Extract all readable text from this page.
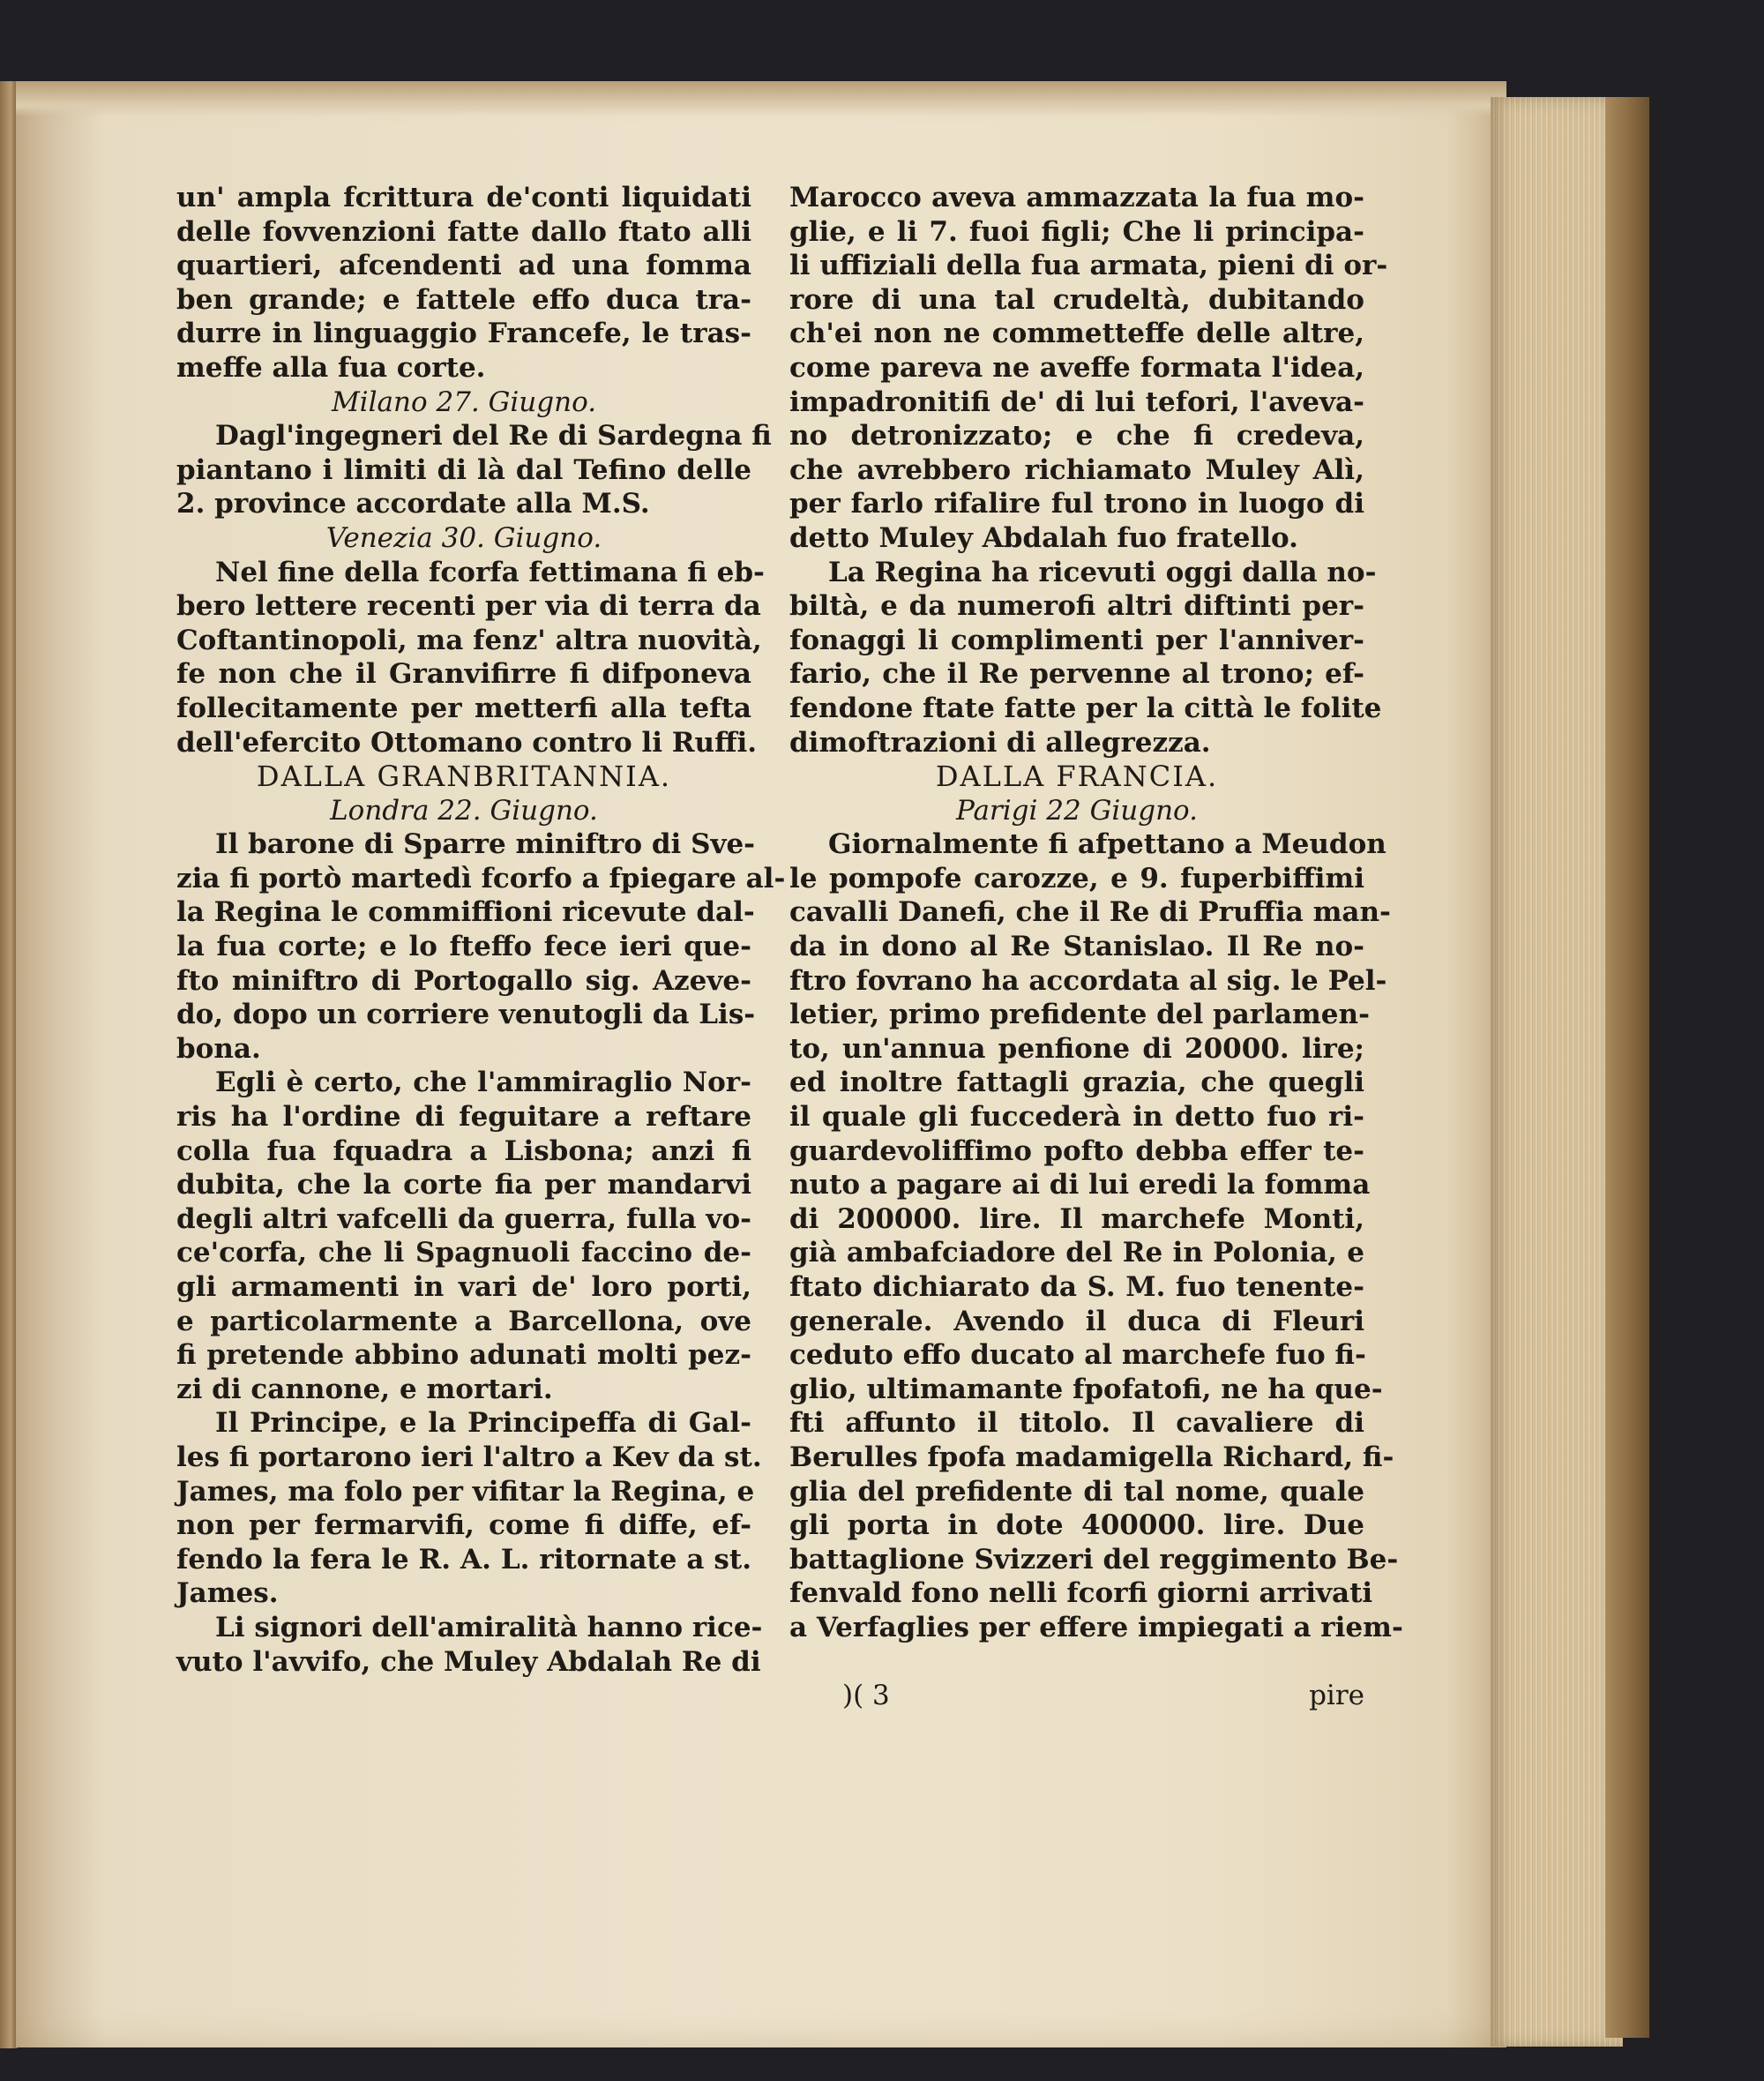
un' ampla fcrittura de'conti liquidati
delle fovvenzioni fatte dallo ftato alli
quartieri, afcendenti ad una fomma
ben grande; e fattele effo duca tra-
durre in linguaggio Francefe, le tras-
meffe alla fua corte.
Milano 27. Giugno.
Dagl'ingegneri del Re di Sardegna fi
piantano i limiti di là dal Tefino delle
2. province accordate alla M.S.
Venezia 30. Giugno.
Nel fine della fcorfa fettimana fi eb-
bero lettere recenti per via di terra da
Coftantinopoli, ma fenz' altra nuovità,
fe non che il Granvifirre fi difponeva
follecitamente per metterfi alla tefta
dell'efercito Ottomano contro li Ruffi.
DALLA GRANBRITANNIA.
Londra 22. Giugno.
Il barone di Sparre miniftro di Sve-
zia fi portò martedì fcorfo a fpiegare al-
la Regina le commiffioni ricevute dal-
la fua corte; e lo fteffo fece ieri que-
fto miniftro di Portogallo sig. Azeve-
do, dopo un corriere venutogli da Lis-
bona.
Egli è certo, che l'ammiraglio Nor-
ris ha l'ordine di feguitare a reftare
colla fua fquadra a Lisbona; anzi fi
dubita, che la corte fia per mandarvi
degli altri vafcelli da guerra, fulla vo-
ce'corfa, che li Spagnuoli faccino de-
gli armamenti in vari de' loro porti,
e particolarmente a Barcellona, ove
fi pretende abbino adunati molti pez-
zi di cannone, e mortari.
Il Principe, e la Principeffa di Gal-
les fi portarono ieri l'altro a Kev da st.
James, ma folo per vifitar la Regina, e
non per fermarvifi, come fi diffe, ef-
fendo la fera le R. A. L. ritornate a st.
James.
Li signori dell'amiralità hanno rice-
vuto l'avvifo, che Muley Abdalah Re di
Marocco aveva ammazzata la fua mo-
glie, e li 7. fuoi figli; Che li principa-
li uffiziali della fua armata, pieni di or-
rore di una tal crudeltà, dubitando
ch'ei non ne commetteffe delle altre,
come pareva ne aveffe formata l'idea,
impadronitifi de' di lui tefori, l'aveva-
no detronizzato; e che fi credeva,
che avrebbero richiamato Muley Alì,
per farlo rifalire ful trono in luogo di
detto Muley Abdalah fuo fratello.
La Regina ha ricevuti oggi dalla no-
biltà, e da numerofi altri diftinti per-
fonaggi li complimenti per l'anniver-
fario, che il Re pervenne al trono; ef-
fendone ftate fatte per la città le folite
dimoftrazioni di allegrezza.
DALLA FRANCIA.
Parigi 22 Giugno.
Giornalmente fi afpettano a Meudon
le pompofe carozze, e 9. fuperbiffimi
cavalli Danefi, che il Re di Pruffia man-
da in dono al Re Stanislao. Il Re no-
ftro fovrano ha accordata al sig. le Pel-
letier, primo prefidente del parlamen-
to, un'annua penfione di 20000. lire;
ed inoltre fattagli grazia, che quegli
il quale gli fuccederà in detto fuo ri-
guardevoliffimo pofto debba effer te-
nuto a pagare ai di lui eredi la fomma
di 200000. lire. Il marchefe Monti,
già ambafciadore del Re in Polonia, e
ftato dichiarato da S. M. fuo tenente-
generale. Avendo il duca di Fleuri
ceduto effo ducato al marchefe fuo fi-
glio, ultimamante fpofatofi, ne ha que-
fti affunto il titolo. Il cavaliere di
Berulles fpofa madamigella Richard, fi-
glia del prefidente di tal nome, quale
gli porta in dote 400000. lire. Due
battaglione Svizzeri del reggimento Be-
fenvald fono nelli fcorfi giorni arrivati
a Verfaglies per effere impiegati a riem-
)( 3	pire
